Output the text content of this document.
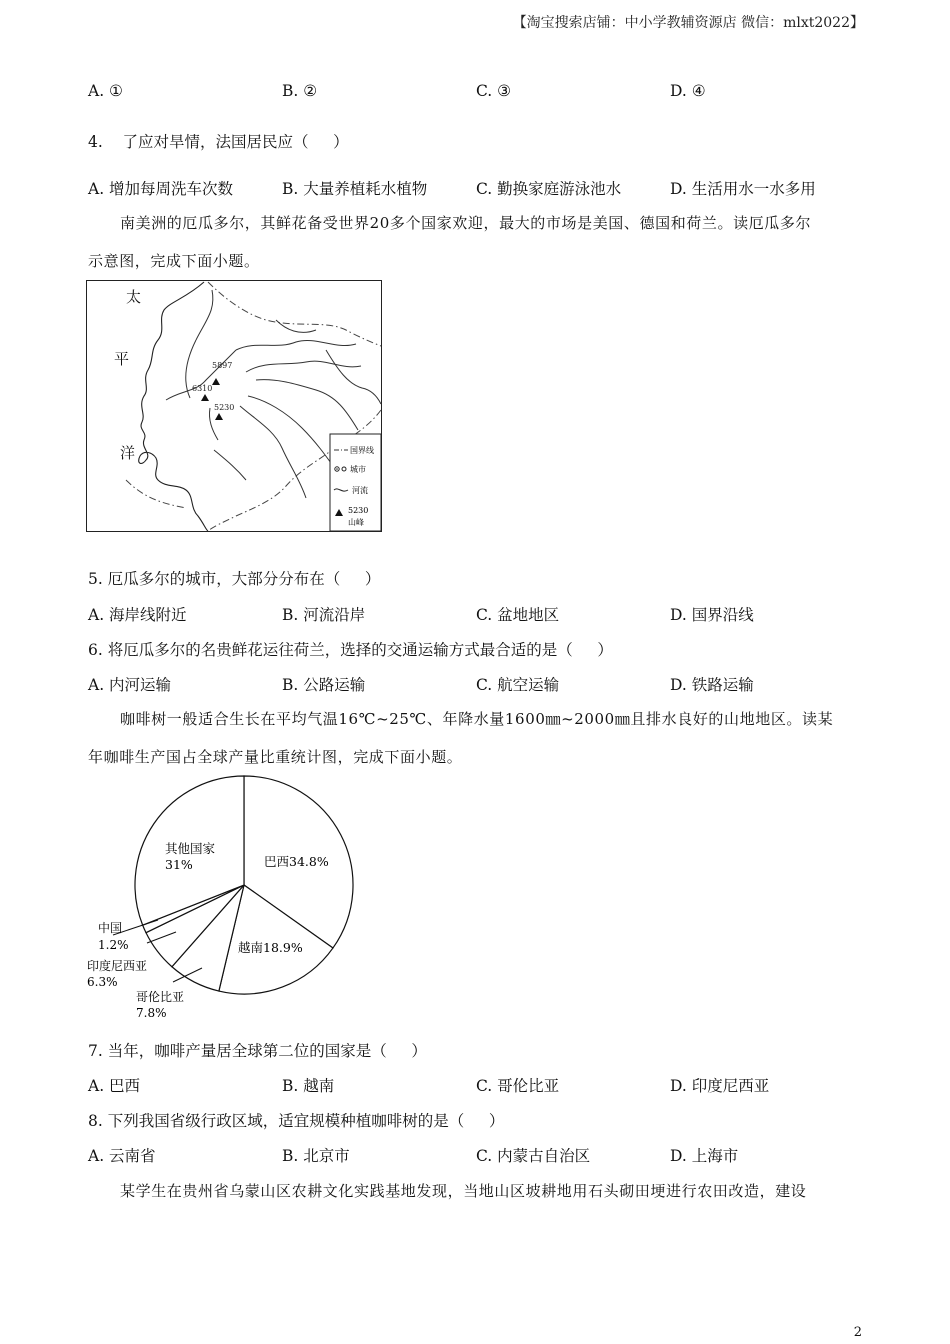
【淘宝搜索店铺：中小学教辅资源店 微信：mlxt2022】
A. ①	B. ②	C. ③	D. ④
4.    了应对旱情，法国居民应（     ）
A. 增加每周洗车次数	B. 大量养植耗水植物	C. 勤换家庭游泳池水	D. 生活用水一水多用
南美洲的厄瓜多尔，其鲜花备受世界20多个国家欢迎，最大的市场是美国、德国和荷兰。读厄瓜多尔
示意图，完成下面小题。
5897
6310
5230
太
平
洋	国界线
城市
河流
5230
山峰
5. 厄瓜多尔的城市，大部分分布在（     ）
A. 海岸线附近	B. 河流沿岸	C. 盆地地区	D. 国界沿线
6. 将厄瓜多尔的名贵鲜花运往荷兰，选择的交通运输方式最合适的是（     ）
A. 内河运输	B. 公路运输	C. 航空运输	D. 铁路运输
咖啡树一般适合生长在平均气温16℃~25℃、年降水量1600㎜~2000㎜且排水良好的山地地区。读某
年咖啡生产国占全球产量比重统计图，完成下面小题。
其他国家
31%	巴西34.8%
越南18.9%
中国
1.2%
印度尼西亚
6.3%
哥伦比亚
7.8%
7. 当年，咖啡产量居全球第二位的国家是（     ）
A. 巴西	B. 越南	C. 哥伦比亚	D. 印度尼西亚
8. 下列我国省级行政区域，适宜规模种植咖啡树的是（     ）
A. 云南省	B. 北京市	C. 内蒙古自治区	D. 上海市
某学生在贵州省乌蒙山区农耕文化实践基地发现，当地山区坡耕地用石头砌田埂进行农田改造，建设
2
